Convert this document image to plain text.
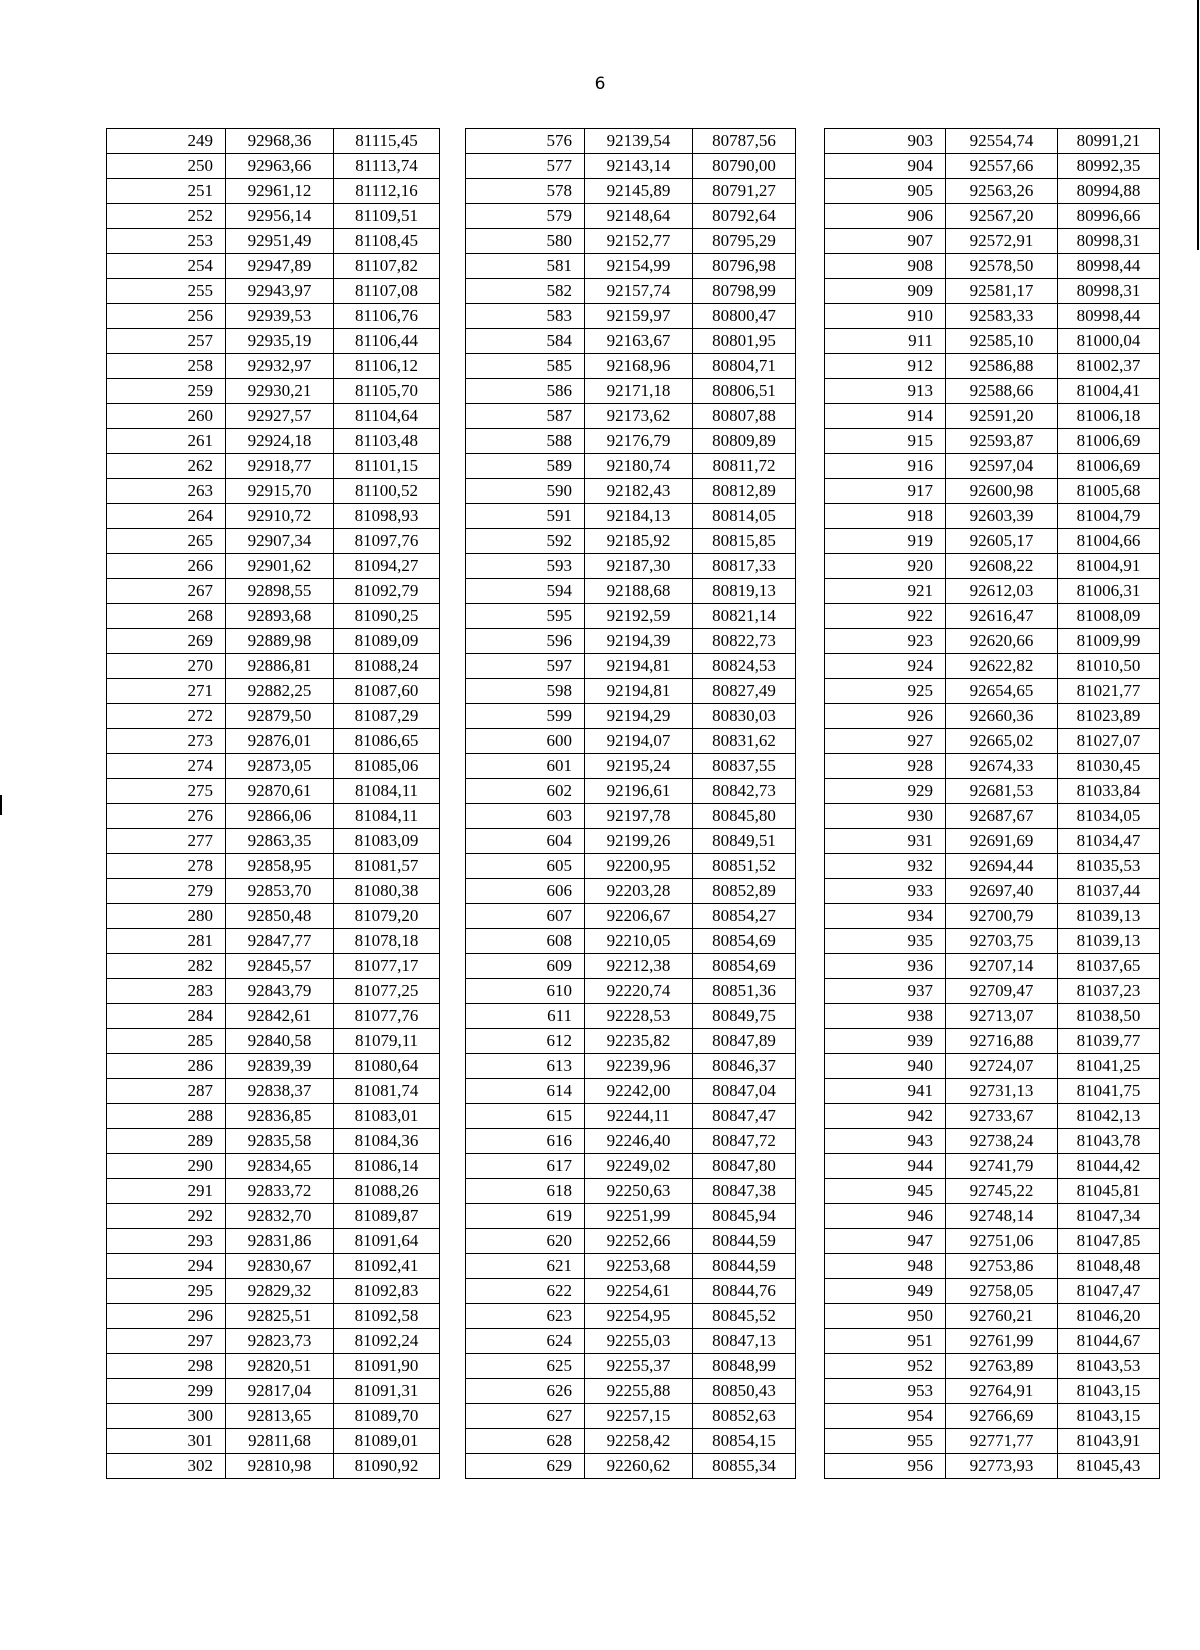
6
249	92968,36	81115,45
250	92963,66	81113,74
251	92961,12	81112,16
252	92956,14	81109,51
253	92951,49	81108,45
254	92947,89	81107,82
255	92943,97	81107,08
256	92939,53	81106,76
257	92935,19	81106,44
258	92932,97	81106,12
259	92930,21	81105,70
260	92927,57	81104,64
261	92924,18	81103,48
262	92918,77	81101,15
263	92915,70	81100,52
264	92910,72	81098,93
265	92907,34	81097,76
266	92901,62	81094,27
267	92898,55	81092,79
268	92893,68	81090,25
269	92889,98	81089,09
270	92886,81	81088,24
271	92882,25	81087,60
272	92879,50	81087,29
273	92876,01	81086,65
274	92873,05	81085,06
275	92870,61	81084,11
276	92866,06	81084,11
277	92863,35	81083,09
278	92858,95	81081,57
279	92853,70	81080,38
280	92850,48	81079,20
281	92847,77	81078,18
282	92845,57	81077,17
283	92843,79	81077,25
284	92842,61	81077,76
285	92840,58	81079,11
286	92839,39	81080,64
287	92838,37	81081,74
288	92836,85	81083,01
289	92835,58	81084,36
290	92834,65	81086,14
291	92833,72	81088,26
292	92832,70	81089,87
293	92831,86	81091,64
294	92830,67	81092,41
295	92829,32	81092,83
296	92825,51	81092,58
297	92823,73	81092,24
298	92820,51	81091,90
299	92817,04	81091,31
300	92813,65	81089,70
301	92811,68	81089,01
302	92810,98	81090,92
576	92139,54	80787,56
577	92143,14	80790,00
578	92145,89	80791,27
579	92148,64	80792,64
580	92152,77	80795,29
581	92154,99	80796,98
582	92157,74	80798,99
583	92159,97	80800,47
584	92163,67	80801,95
585	92168,96	80804,71
586	92171,18	80806,51
587	92173,62	80807,88
588	92176,79	80809,89
589	92180,74	80811,72
590	92182,43	80812,89
591	92184,13	80814,05
592	92185,92	80815,85
593	92187,30	80817,33
594	92188,68	80819,13
595	92192,59	80821,14
596	92194,39	80822,73
597	92194,81	80824,53
598	92194,81	80827,49
599	92194,29	80830,03
600	92194,07	80831,62
601	92195,24	80837,55
602	92196,61	80842,73
603	92197,78	80845,80
604	92199,26	80849,51
605	92200,95	80851,52
606	92203,28	80852,89
607	92206,67	80854,27
608	92210,05	80854,69
609	92212,38	80854,69
610	92220,74	80851,36
611	92228,53	80849,75
612	92235,82	80847,89
613	92239,96	80846,37
614	92242,00	80847,04
615	92244,11	80847,47
616	92246,40	80847,72
617	92249,02	80847,80
618	92250,63	80847,38
619	92251,99	80845,94
620	92252,66	80844,59
621	92253,68	80844,59
622	92254,61	80844,76
623	92254,95	80845,52
624	92255,03	80847,13
625	92255,37	80848,99
626	92255,88	80850,43
627	92257,15	80852,63
628	92258,42	80854,15
629	92260,62	80855,34
903	92554,74	80991,21
904	92557,66	80992,35
905	92563,26	80994,88
906	92567,20	80996,66
907	92572,91	80998,31
908	92578,50	80998,44
909	92581,17	80998,31
910	92583,33	80998,44
911	92585,10	81000,04
912	92586,88	81002,37
913	92588,66	81004,41
914	92591,20	81006,18
915	92593,87	81006,69
916	92597,04	81006,69
917	92600,98	81005,68
918	92603,39	81004,79
919	92605,17	81004,66
920	92608,22	81004,91
921	92612,03	81006,31
922	92616,47	81008,09
923	92620,66	81009,99
924	92622,82	81010,50
925	92654,65	81021,77
926	92660,36	81023,89
927	92665,02	81027,07
928	92674,33	81030,45
929	92681,53	81033,84
930	92687,67	81034,05
931	92691,69	81034,47
932	92694,44	81035,53
933	92697,40	81037,44
934	92700,79	81039,13
935	92703,75	81039,13
936	92707,14	81037,65
937	92709,47	81037,23
938	92713,07	81038,50
939	92716,88	81039,77
940	92724,07	81041,25
941	92731,13	81041,75
942	92733,67	81042,13
943	92738,24	81043,78
944	92741,79	81044,42
945	92745,22	81045,81
946	92748,14	81047,34
947	92751,06	81047,85
948	92753,86	81048,48
949	92758,05	81047,47
950	92760,21	81046,20
951	92761,99	81044,67
952	92763,89	81043,53
953	92764,91	81043,15
954	92766,69	81043,15
955	92771,77	81043,91
956	92773,93	81045,43
